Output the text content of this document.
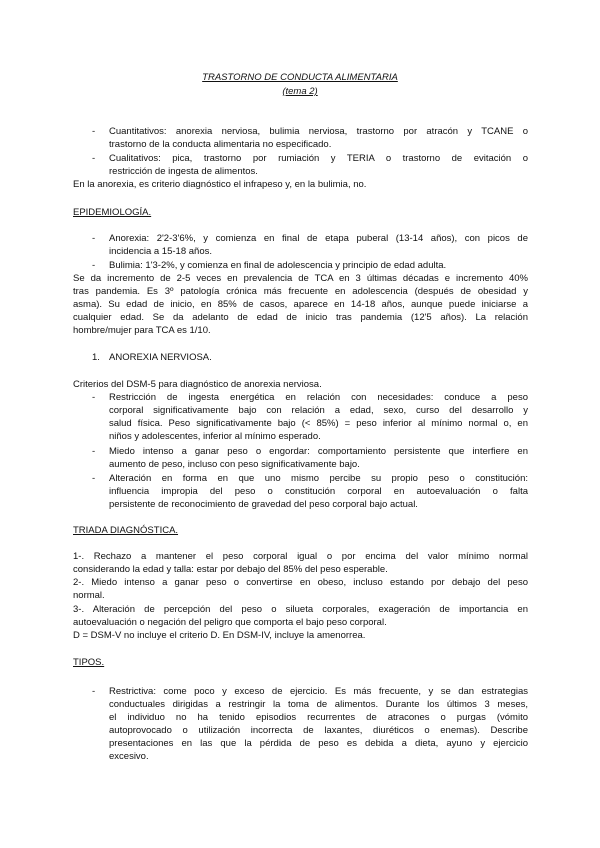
TRASTORNO DE CONDUCTA ALIMENTARIA
(tema 2)
- Cuantitativos: anorexia nerviosa, bulimia nerviosa, trastorno por atracón y TCANE o
trastorno de la conducta alimentaria no especificado.
- Cualitativos: pica, trastorno por rumiación y TERIA o trastorno de evitación o
restricción de ingesta de alimentos.
En la anorexia, es criterio diagnóstico el infrapeso y, en la bulimia, no.
EPIDEMIOLOGÍA.
- Anorexia: 2'2-3'6%, y comienza en final de etapa puberal (13-14 años), con picos de
incidencia a 15-18 años.
- Bulimia: 1'3-2%, y comienza en final de adolescencia y principio de edad adulta.
Se da incremento de 2-5 veces en prevalencia de TCA en 3 últimas décadas e incremento 40%
tras pandemia. Es 3º patología crónica más frecuente en adolescencia (después de obesidad y
asma). Su edad de inicio, en 85% de casos, aparece en 14-18 años, aunque puede iniciarse a
cualquier edad. Se da adelanto de edad de inicio tras pandemia (12'5 años). La relación
hombre/mujer para TCA es 1/10.
1. ANOREXIA NERVIOSA.
Criterios del DSM-5 para diagnóstico de anorexia nerviosa.
- Restricción de ingesta energética en relación con necesidades: conduce a peso
corporal significativamente bajo con relación a edad, sexo, curso del desarrollo y
salud física. Peso significativamente bajo (< 85%) = peso inferior al mínimo normal o, en
niños y adolescentes, inferior al mínimo esperado.
- Miedo intenso a ganar peso o engordar: comportamiento persistente que interfiere en
aumento de peso, incluso con peso significativamente bajo.
- Alteración en forma en que uno mismo percibe su propio peso o constitución:
influencia impropia del peso o constitución corporal en autoevaluación o falta
persistente de reconocimiento de gravedad del peso corporal bajo actual.
TRIADA DIAGNÓSTICA.
1-. Rechazo a mantener el peso corporal igual o por encima del valor mínimo normal
considerando la edad y talla: estar por debajo del 85% del peso esperable.
2-. Miedo intenso a ganar peso o convertirse en obeso, incluso estando por debajo del peso
normal.
3-. Alteración de percepción del peso o silueta corporales, exageración de importancia en
autoevaluación o negación del peligro que comporta el bajo peso corporal.
D = DSM-V no incluye el criterio D. En DSM-IV, incluye la amenorrea.
TIPOS.
- Restrictiva: come poco y exceso de ejercicio. Es más frecuente, y se dan estrategias
conductuales dirigidas a restringir la toma de alimentos. Durante los últimos 3 meses,
el individuo no ha tenido episodios recurrentes de atracones o purgas (vómito
autoprovocado o utilización incorrecta de laxantes, diuréticos o enemas). Describe
presentaciones en las que la pérdida de peso es debida a dieta, ayuno y ejercicio
excesivo.
